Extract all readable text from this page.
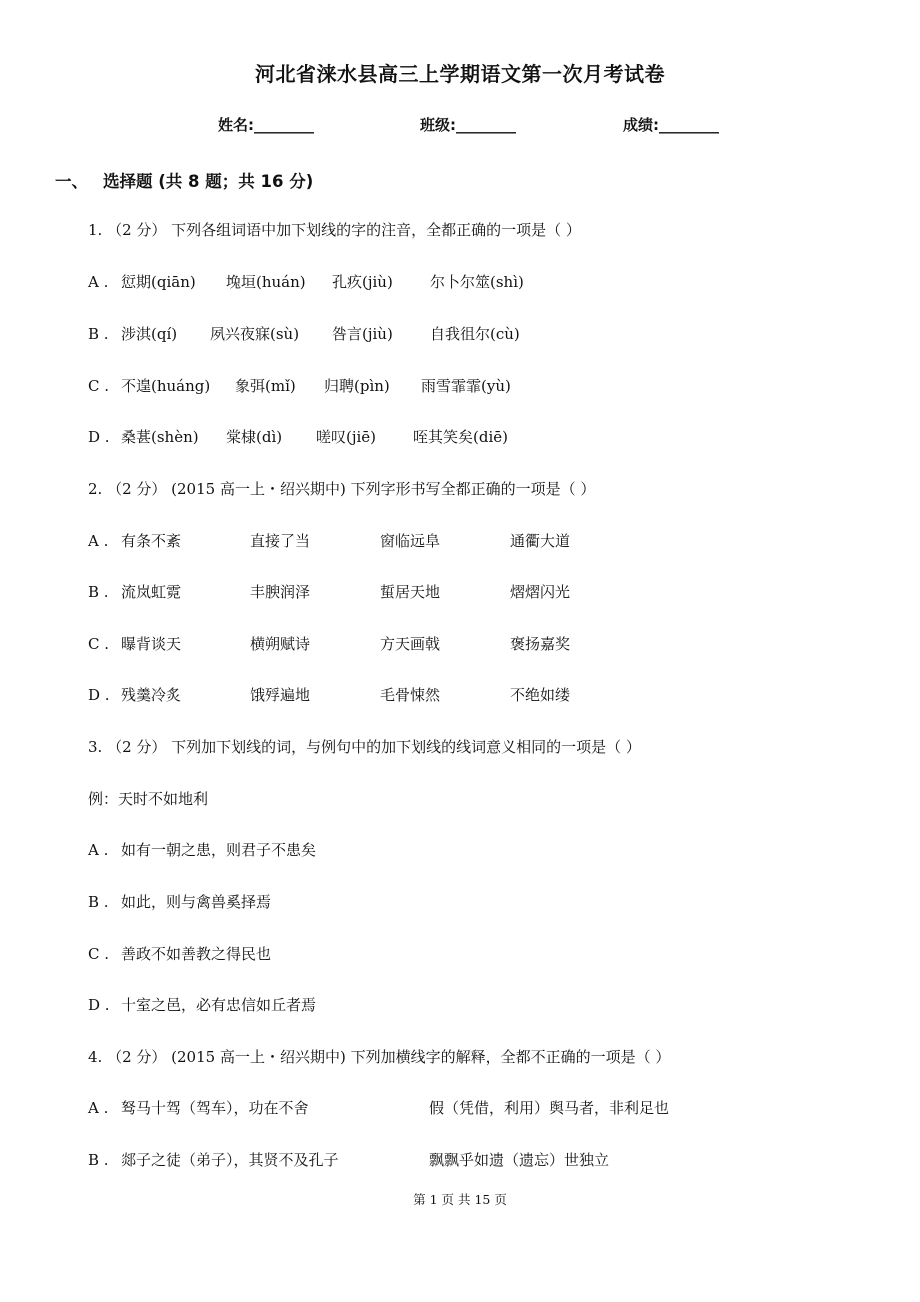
河北省涞水县高三上学期语文第一次月考试卷
姓名:________	班级:________	成绩:________
一、 选择题 (共 8 题；共 16 分)
1. （2 分） 下列各组词语中加下划线的字的注音，全都正确的一项是（ ）
A . 愆期(qiān) 堍垣(huán) 孔疚(jiù) 尔卜尔筮(shì)
B . 涉淇(qí) 夙兴夜寐(sù) 咎言(jiù) 自我徂尔(cù)
C . 不遑(huáng) 象弭(mǐ) 归聘(pìn) 雨雪霏霏(yù)
D . 桑葚(shèn) 棠棣(dì) 嗟叹(jiē) 咥其笑矣(diē)
2. （2 分） (2015 高一上・绍兴期中) 下列字形书写全都正确的一项是（ ）
A . 有条不紊	直接了当	窗临远阜	通衢大道
B . 流岚虹霓	丰腴润泽	蜇居天地	熠熠闪光
C . 曝背谈天	横朔赋诗	方天画戟	褒扬嘉奖
D . 残羹冷炙	饿殍遍地	毛骨悚然	不绝如缕
3. （2 分） 下列加下划线的词，与例句中的加下划线的线词意义相同的一项是（ ）
例：天时不如地利
A . 如有一朝之患，则君子不患矣
B . 如此，则与禽兽奚择焉
C . 善政不如善教之得民也
D . 十室之邑，必有忠信如丘者焉
4. （2 分） (2015 高一上・绍兴期中) 下列加横线字的解释，全都不正确的一项是（ ）
A . 驽马十驾（驾车），功在不舍	假（凭借，利用）舆马者，非利足也
B . 郯子之徒（弟子），其贤不及孔子	飘飘乎如遗（遗忘）世独立
第 1 页 共 15 页
